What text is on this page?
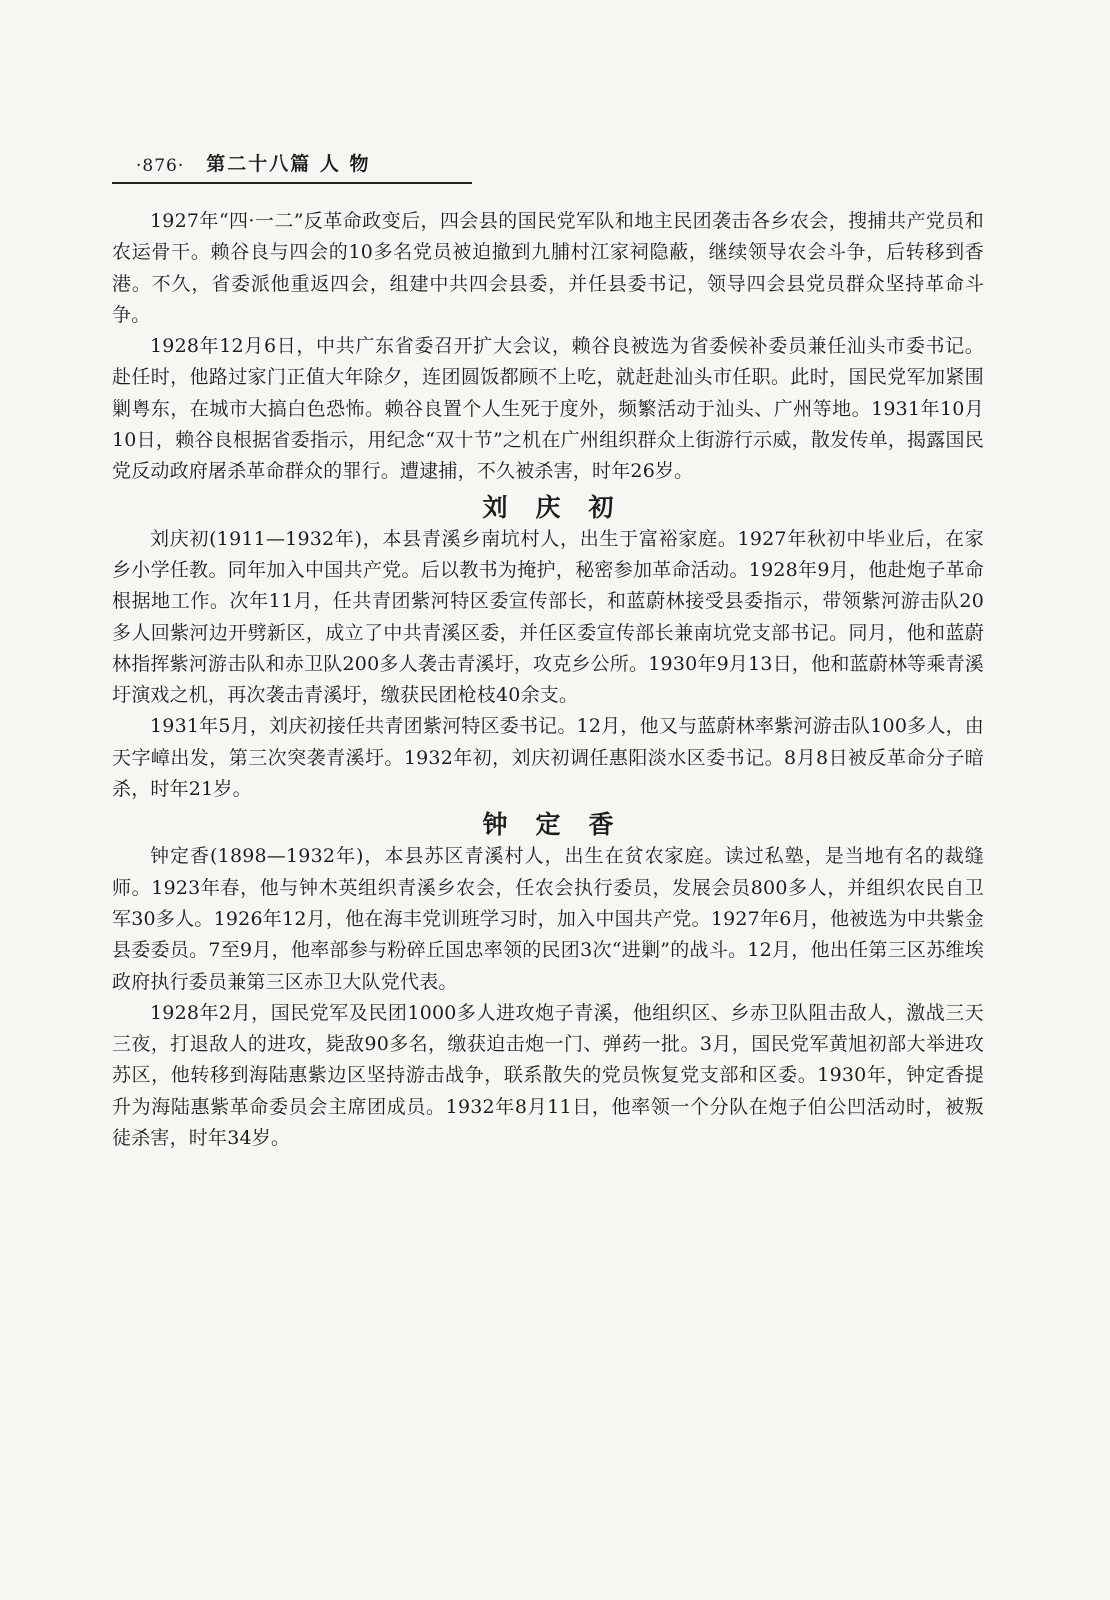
·876· 第二十八篇 人 物

1927年“四·一二”反革命政变后，四会县的国民党军队和地主民团袭击各乡农会，搜捕共产党员和农运骨干。赖谷良与四会的10多名党员被迫撤到九脯村江家祠隐蔽，继续领导农会斗争，后转移到香港。不久，省委派他重返四会，组建中共四会县委，并任县委书记，领导四会县党员群众坚持革命斗争。

1928年12月6日，中共广东省委召开扩大会议，赖谷良被选为省委候补委员兼任汕头市委书记。赴任时，他路过家门正值大年除夕，连团圆饭都顾不上吃，就赶赴汕头市任职。此时，国民党军加紧围剿粤东，在城市大搞白色恐怖。赖谷良置个人生死于度外，频繁活动于汕头、广州等地。1931年10月10日，赖谷良根据省委指示，用纪念“双十节”之机在广州组织群众上街游行示威，散发传单，揭露国民党反动政府屠杀革命群众的罪行。遭逮捕，不久被杀害，时年26岁。

刘庆初

刘庆初(1911—1932年)，本县青溪乡南坑村人，出生于富裕家庭。1927年秋初中毕业后，在家乡小学任教。同年加入中国共产党。后以教书为掩护，秘密参加革命活动。1928年9月，他赴炮子革命根据地工作。次年11月，任共青团紫河特区委宣传部长，和蓝蔚林接受县委指示，带领紫河游击队20多人回紫河边开劈新区，成立了中共青溪区委，并任区委宣传部长兼南坑党支部书记。同月，他和蓝蔚林指挥紫河游击队和赤卫队200多人袭击青溪圩，攻克乡公所。1930年9月13日，他和蓝蔚林等乘青溪圩演戏之机，再次袭击青溪圩，缴获民团枪枝40余支。

1931年5月，刘庆初接任共青团紫河特区委书记。12月，他又与蓝蔚林率紫河游击队100多人，由天字嶂出发，第三次突袭青溪圩。1932年初，刘庆初调任惠阳淡水区委书记。8月8日被反革命分子暗杀，时年21岁。

钟定香

钟定香(1898—1932年)，本县苏区青溪村人，出生在贫农家庭。读过私塾，是当地有名的裁缝师。1923年春，他与钟木英组织青溪乡农会，任农会执行委员，发展会员800多人，并组织农民自卫军30多人。1926年12月，他在海丰党训班学习时，加入中国共产党。1927年6月，他被选为中共紫金县委委员。7至9月，他率部参与粉碎丘国忠率领的民团3次“进剿”的战斗。12月，他出任第三区苏维埃政府执行委员兼第三区赤卫大队党代表。

1928年2月，国民党军及民团1000多人进攻炮子青溪，他组织区、乡赤卫队阻击敌人，激战三天三夜，打退敌人的进攻，毙敌90多名，缴获迫击炮一门、弹药一批。3月，国民党军黄旭初部大举进攻苏区，他转移到海陆惠紫边区坚持游击战争，联系散失的党员恢复党支部和区委。1930年，钟定香提升为海陆惠紫革命委员会主席团成员。1932年8月11日，他率领一个分队在炮子伯公凹活动时，被叛徒杀害，时年34岁。
